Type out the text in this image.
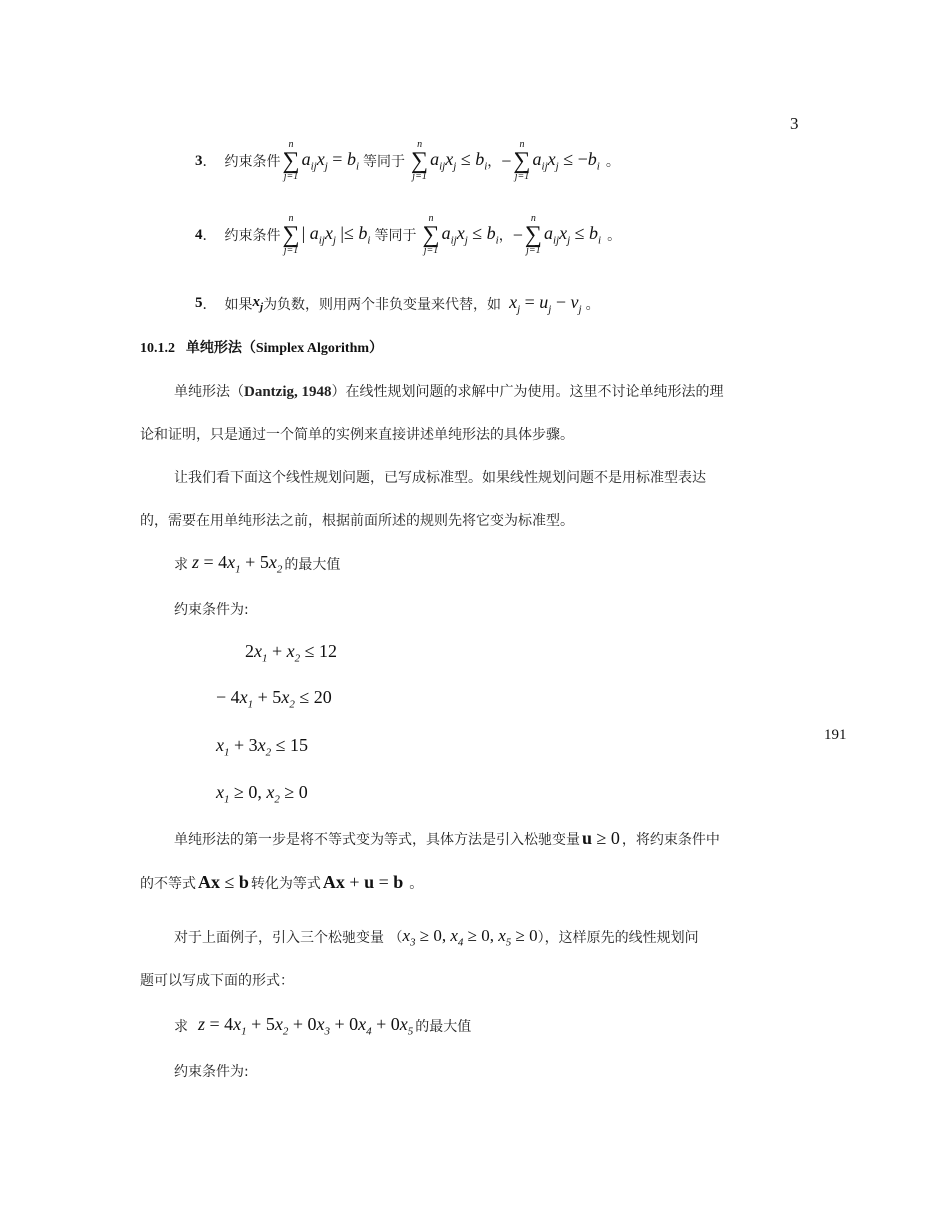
3
191
3 ． 约束条件
n
∑
j=1
$a_{ij}x_j = b_i$ 等同于
n
∑
j=1
$a_{ij}x_j \le b_i$ ， −
n
∑
j=1
$a_{ij}x_j \le -b_i$ 。
4 ． 约束条件
n
∑
j=1
| $a_{ij}x_j$ |≤ $b_i$ 等同于
n
∑
j=1
$a_{ij}x_j \le b_i$ ， −
n
∑
j=1
$a_{ij}x_j \le b_i$ 。
5 ． 如果 $x_j$ 为负数，则用两个非负变量来代替，如 $x_j = u_j - v_j$ 。
10.1.2 单纯形法（Simplex Algorithm）
单纯形法（Dantzig, 1948）在线性规划问题的求解中广为使用。这里不讨论单纯形法的理
论和证明，只是通过一个简单的实例来直接讲述单纯形法的具体步骤。
让我们看下面这个线性规划问题，已写成标准型。如果线性规划问题不是用标准型表达
的，需要在用单纯形法之前，根据前面所述的规则先将它变为标准型。
求 $z = 4x_1 + 5x_2$ 的最大值
约束条件为:
$2x_1 + x_2 \le 12$
− $4x_1 + 5x_2 \le 20$
$x_1 + 3x_2 \le 15$
$x_1 \ge 0$, $x_2 \ge 0$
单纯形法的第一步是将不等式变为等式，具体方法是引入松驰变量 u ≥ 0 ，将约束条件中
的不等式 Ax ≤ b 转化为等式 Ax + u = b 。
对于上面例子，引入三个松驰变量 （ $x_3 \ge 0$, $x_4 \ge 0$, $x_5 \ge 0$ ），这样原先的线性规划问
题可以写成下面的形式：
求 $z = 4x_1 + 5x_2 + 0x_3 + 0x_4 + 0x_5$ 的最大值
约束条件为:
